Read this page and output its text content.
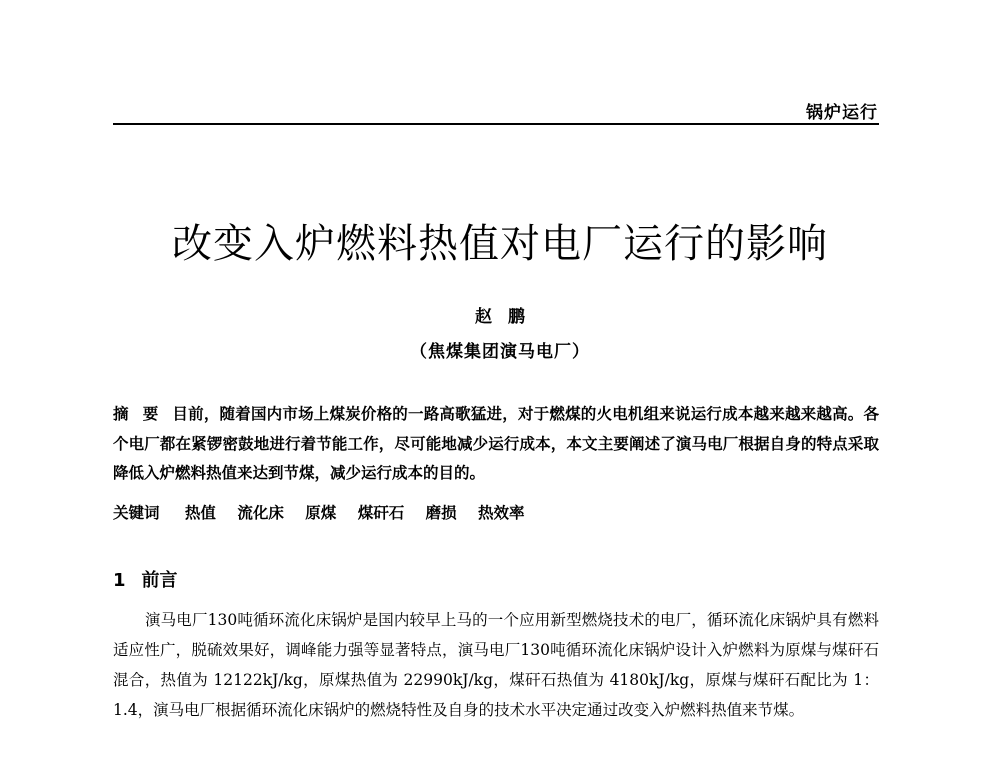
锅炉运行
改变入炉燃料热值对电厂运行的影响
赵鹏
（焦煤集团演马电厂）

摘要目前，随着国内市场上煤炭价格的一路高歌猛进，对于燃煤的火电机组来说运行成本越来越来越高。各个电厂都在紧锣密鼓地进行着节能工作，尽可能地减少运行成本，本文主要阐述了演马电厂根据自身的特点采取降低入炉燃料热值来达到节煤，减少运行成本的目的。

关键词 热值 流化床 原煤 煤矸石 磨损 热效率

1 前言

演马电厂130吨循环流化床锅炉是国内较早上马的一个应用新型燃烧技术的电厂，循环流化床锅炉具有燃料适应性广，脱硫效果好，调峰能力强等显著特点，演马电厂130吨循环流化床锅炉设计入炉燃料为原煤与煤矸石混合，热值为 12122kJ/kg，原煤热值为 22990kJ/kg，煤矸石热值为 4180kJ/kg，原煤与煤矸石配比为 1：1.4，演马电厂根据循环流化床锅炉的燃烧特性及自身的技术水平决定通过改变入炉燃料热值来节煤。
